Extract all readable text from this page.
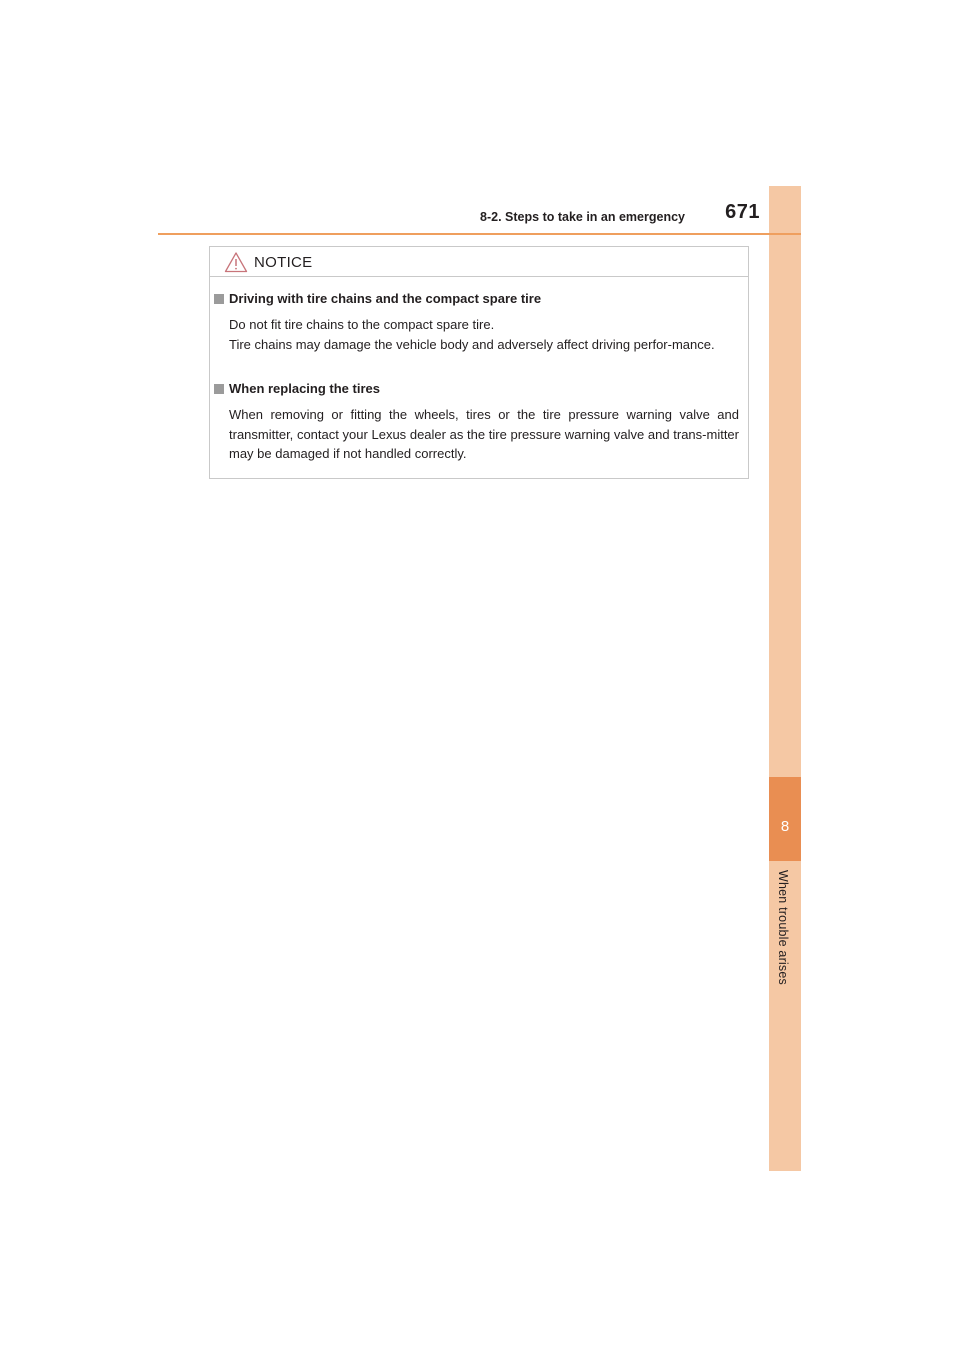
8
When trouble arises
8-2. Steps to take in an emergency	671
NOTICE
Driving with tire chains and the compact spare tire

Do not fit tire chains to the compact spare tire.

Tire chains may damage the vehicle body and adversely affect driving perfor-mance.

When replacing the tires

When removing or fitting the wheels, tires or the tire pressure warning valve and transmitter, contact your Lexus dealer as the tire pressure warning valve and trans-mitter may be damaged if not handled correctly.
